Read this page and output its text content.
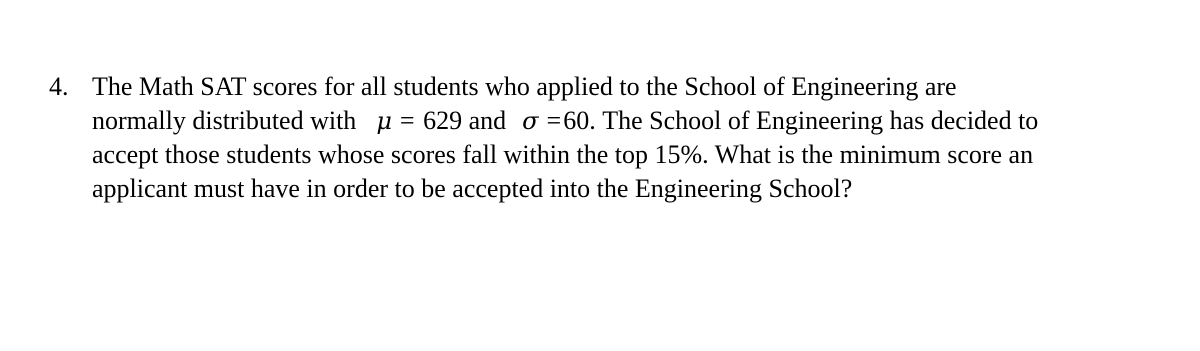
4. The Math SAT scores for all students who applied to the School of Engineering are
normally distributed with μ = 629 and σ =60. The School of Engineering has decided to
accept those students whose scores fall within the top 15%. What is the minimum score an
applicant must have in order to be accepted into the Engineering School?
